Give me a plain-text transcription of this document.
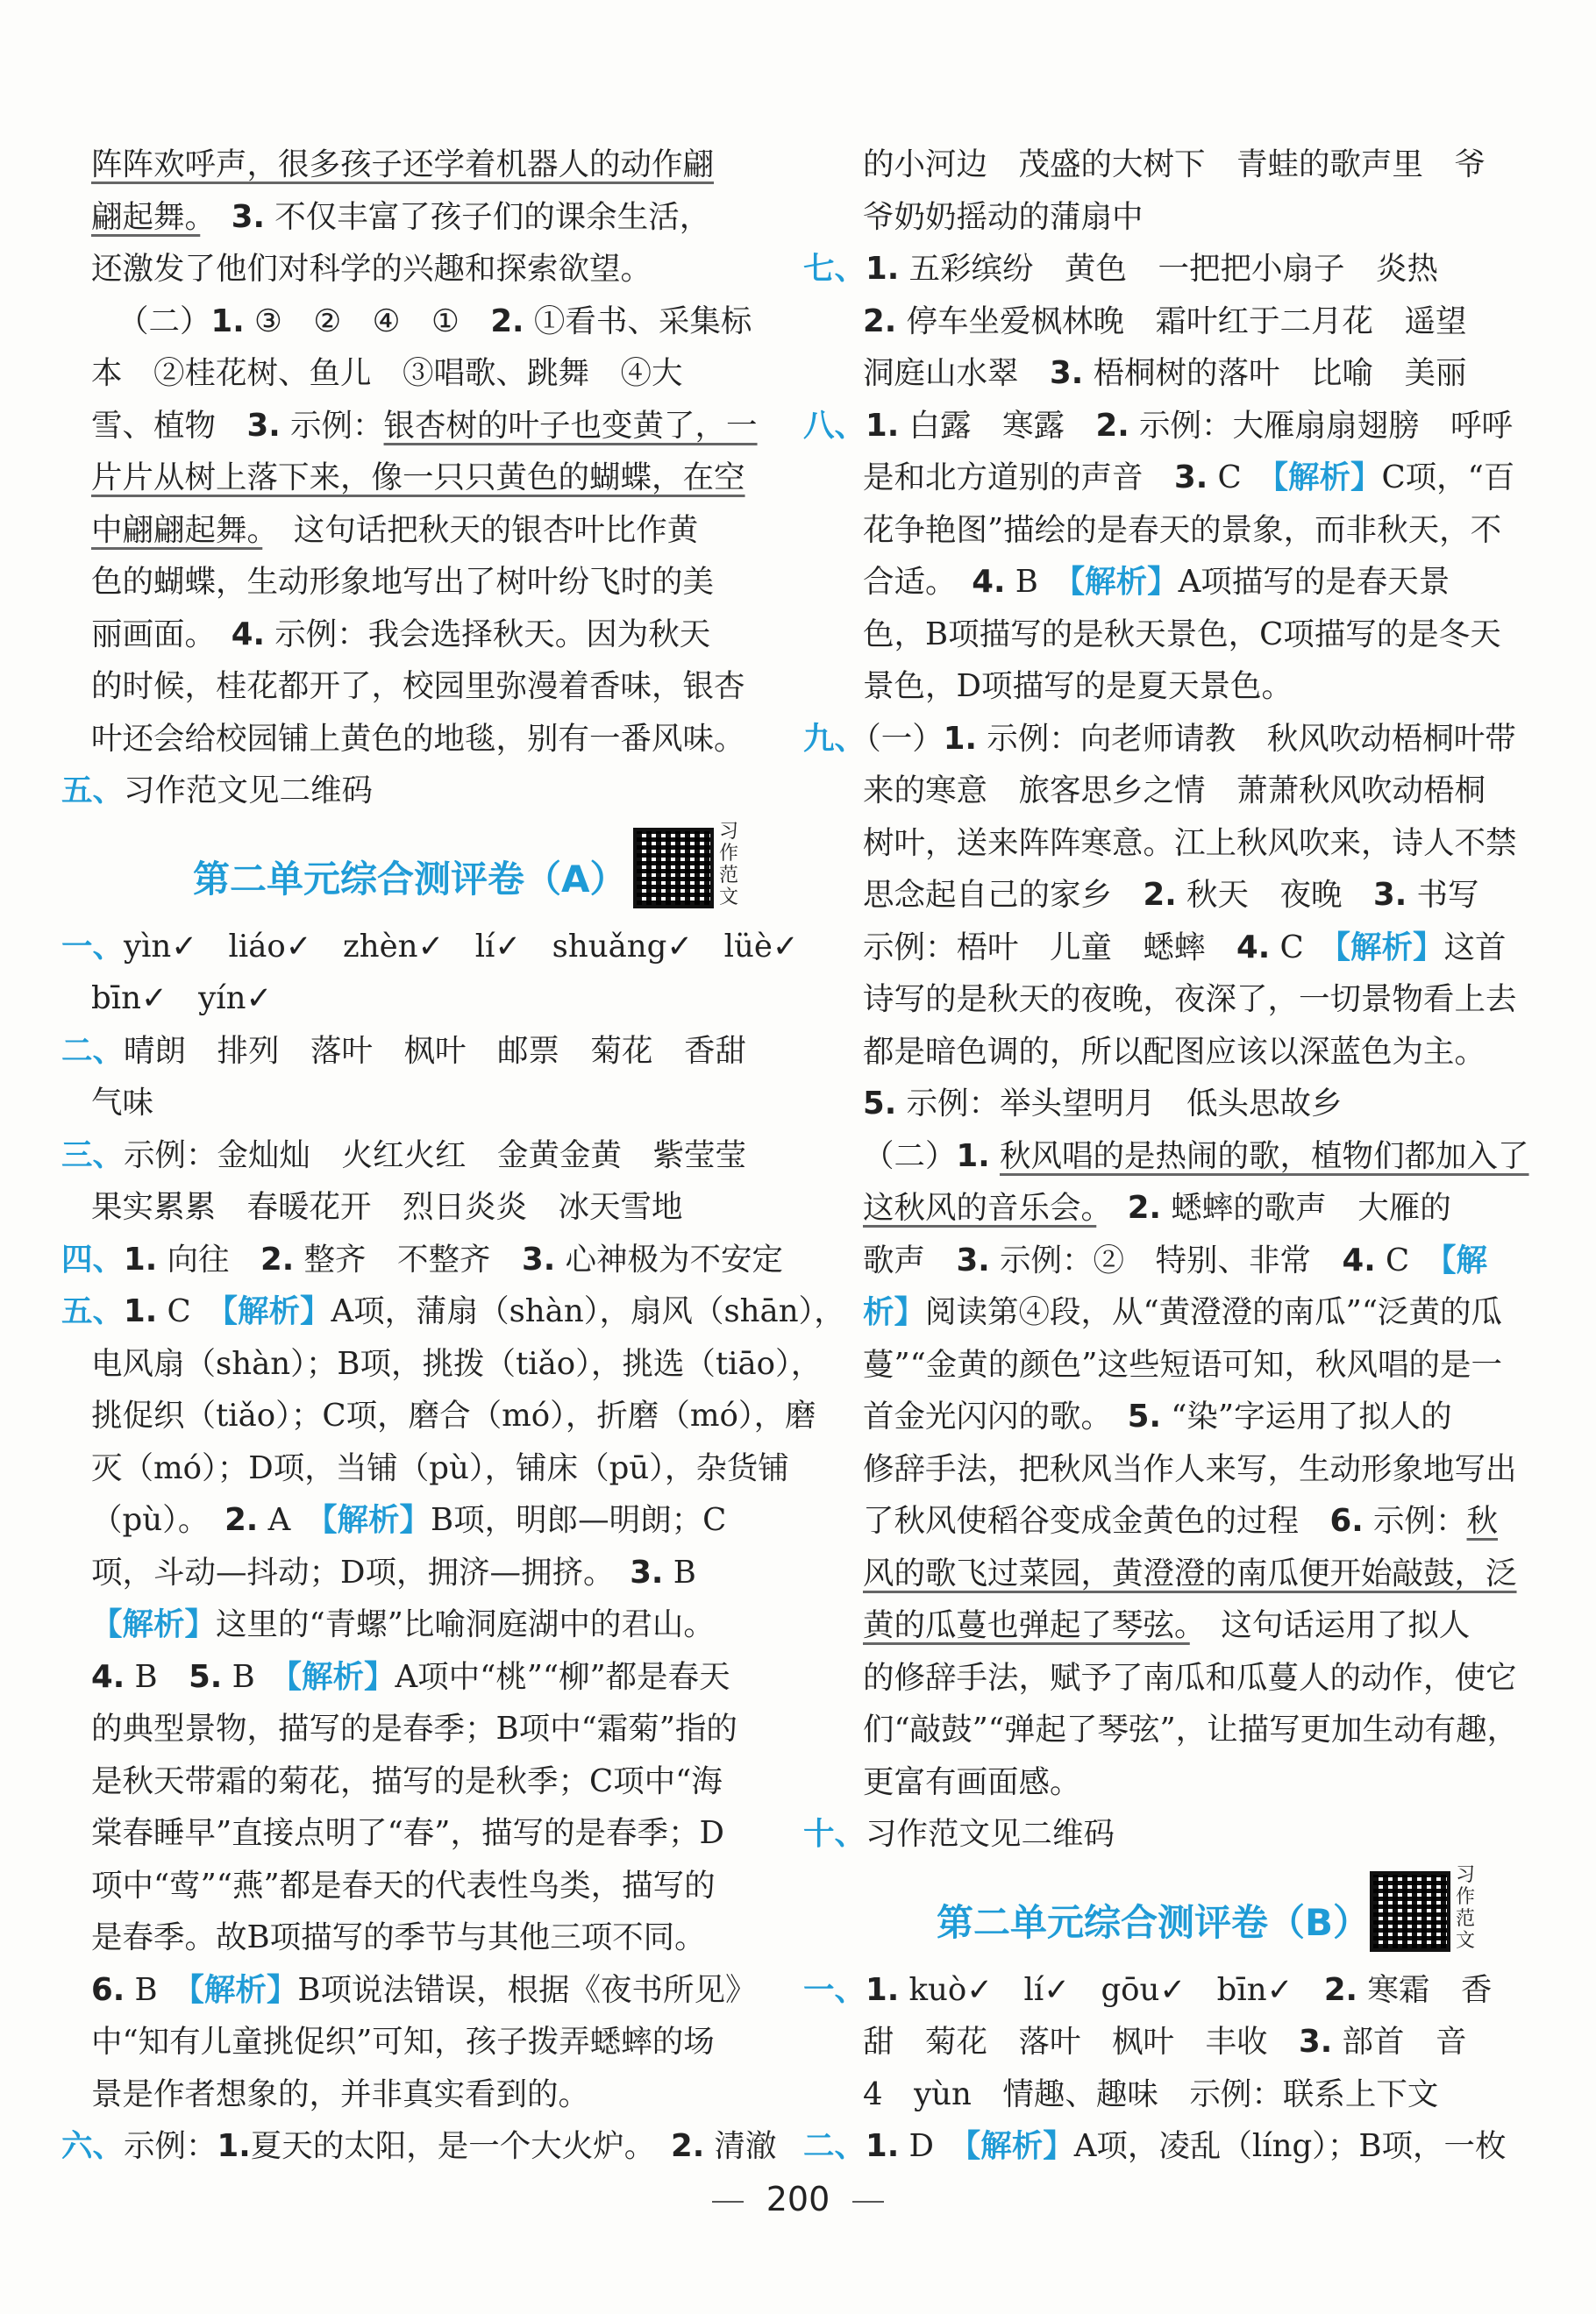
阵阵欢呼声，很多孩子还学着机器人的动作翩
翩起舞。　 3. 不仅丰富了孩子们的课余生活，
还激发了他们对科学的兴趣和探索欲望。
（二）1. ③　②　④　①　 2. ①看书、采集标
本　②桂花树、鱼儿　③唱歌、跳舞　④大
雪、植物　 3. 示例：银杏树的叶子也变黄了，一
片片从树上落下来，像一只只黄色的蝴蝶，在空
中翩翩起舞。　 这句话把秋天的银杏叶比作黄
色的蝴蝶，生动形象地写出了树叶纷飞时的美
丽画面。　 4. 示例：我会选择秋天。因为秋天
的时候，桂花都开了，校园里弥漫着香味，银杏
叶还会给校园铺上黄色的地毯，别有一番风味。
五、习作范文见二维码
第二单元综合测评卷（A）
习作范文
一、yìn✓　liáo✓　zhèn✓　lí✓　shuǎng✓　lüè✓
bīn✓　yín✓
二、晴朗　排列　落叶　枫叶　邮票　菊花　香甜
气味
三、示例：金灿灿　火红火红　金黄金黄　紫莹莹
果实累累　春暖花开　烈日炎炎　冰天雪地
四、1. 向往　 2. 整齐　不整齐　 3. 心神极为不安定
五、1. C　 【解析】A项，蒲扇（shàn），扇风（shān），
电风扇（shàn）；B项，挑拨（tiǎo），挑选（tiāo），
挑促织（tiǎo）；C项，磨合（mó），折磨（mó），磨
灭（mó）；D项，当铺（pù），铺床（pū），杂货铺
（pù）。　 2. A　 【解析】B项，明郎—明朗；C
项，斗动—抖动；D项，拥济—拥挤。　 3. B
【解析】这里的“青螺”比喻洞庭湖中的君山。
4. B　 5. B　 【解析】A项中“桃”“柳”都是春天
的典型景物，描写的是春季；B项中“霜菊”指的
是秋天带霜的菊花，描写的是秋季；C项中“海
棠春睡早”直接点明了“春”，描写的是春季；D
项中“莺”“燕”都是春天的代表性鸟类，描写的
是春季。故B项描写的季节与其他三项不同。
6. B　 【解析】B项说法错误，根据《夜书所见》
中“知有儿童挑促织”可知，孩子拨弄蟋蟀的场
景是作者想象的，并非真实看到的。
六、示例：1.夏天的太阳，是一个大火炉。　 2. 清澈
的小河边　茂盛的大树下　青蛙的歌声里　爷
爷奶奶摇动的蒲扇中
七、1. 五彩缤纷　黄色　一把把小扇子　炎热
2. 停车坐爱枫林晚　霜叶红于二月花　遥望
洞庭山水翠　 3. 梧桐树的落叶　比喻　美丽
八、1. 白露　寒露　 2. 示例：大雁扇扇翅膀　呼呼
是和北方道别的声音　 3. C　 【解析】C项，“百
花争艳图”描绘的是春天的景象，而非秋天，不
合适。　 4. B　 【解析】A项描写的是春天景
色，B项描写的是秋天景色，C项描写的是冬天
景色，D项描写的是夏天景色。
九、（一）1. 示例：向老师请教　秋风吹动梧桐叶带
来的寒意　旅客思乡之情　萧萧秋风吹动梧桐
树叶，送来阵阵寒意。江上秋风吹来，诗人不禁
思念起自己的家乡　 2. 秋天　夜晚　 3. 书写
示例：梧叶　儿童　蟋蟀　 4. C　 【解析】这首
诗写的是秋天的夜晚，夜深了，一切景物看上去
都是暗色调的，所以配图应该以深蓝色为主。
5. 示例：举头望明月　低头思故乡
（二）1. 秋风唱的是热闹的歌，植物们都加入了
这秋风的音乐会。　 2. 蟋蟀的歌声　大雁的
歌声　 3. 示例：②　特别、非常　 4. C　 【解
析】阅读第④段，从“黄澄澄的南瓜”“泛黄的瓜
蔓”“金黄的颜色”这些短语可知，秋风唱的是一
首金光闪闪的歌。　 5. “染”字运用了拟人的
修辞手法，把秋风当作人来写，生动形象地写出
了秋风使稻谷变成金黄色的过程　 6. 示例：秋
风的歌飞过菜园，黄澄澄的南瓜便开始敲鼓，泛
黄的瓜蔓也弹起了琴弦。　 这句话运用了拟人
的修辞手法，赋予了南瓜和瓜蔓人的动作，使它
们“敲鼓”“弹起了琴弦”，让描写更加生动有趣，
更富有画面感。
十、习作范文见二维码
第二单元综合测评卷（B）
习作范文
一、1. kuò✓　lí✓　gōu✓　bīn✓　 2. 寒霜　香
甜　菊花　落叶　枫叶　丰收　 3. 部首　音
4　 yùn　情趣、趣味　示例：联系上下文
二、1. D　 【解析】A项，凌乱（líng）；B项，一枚
200
